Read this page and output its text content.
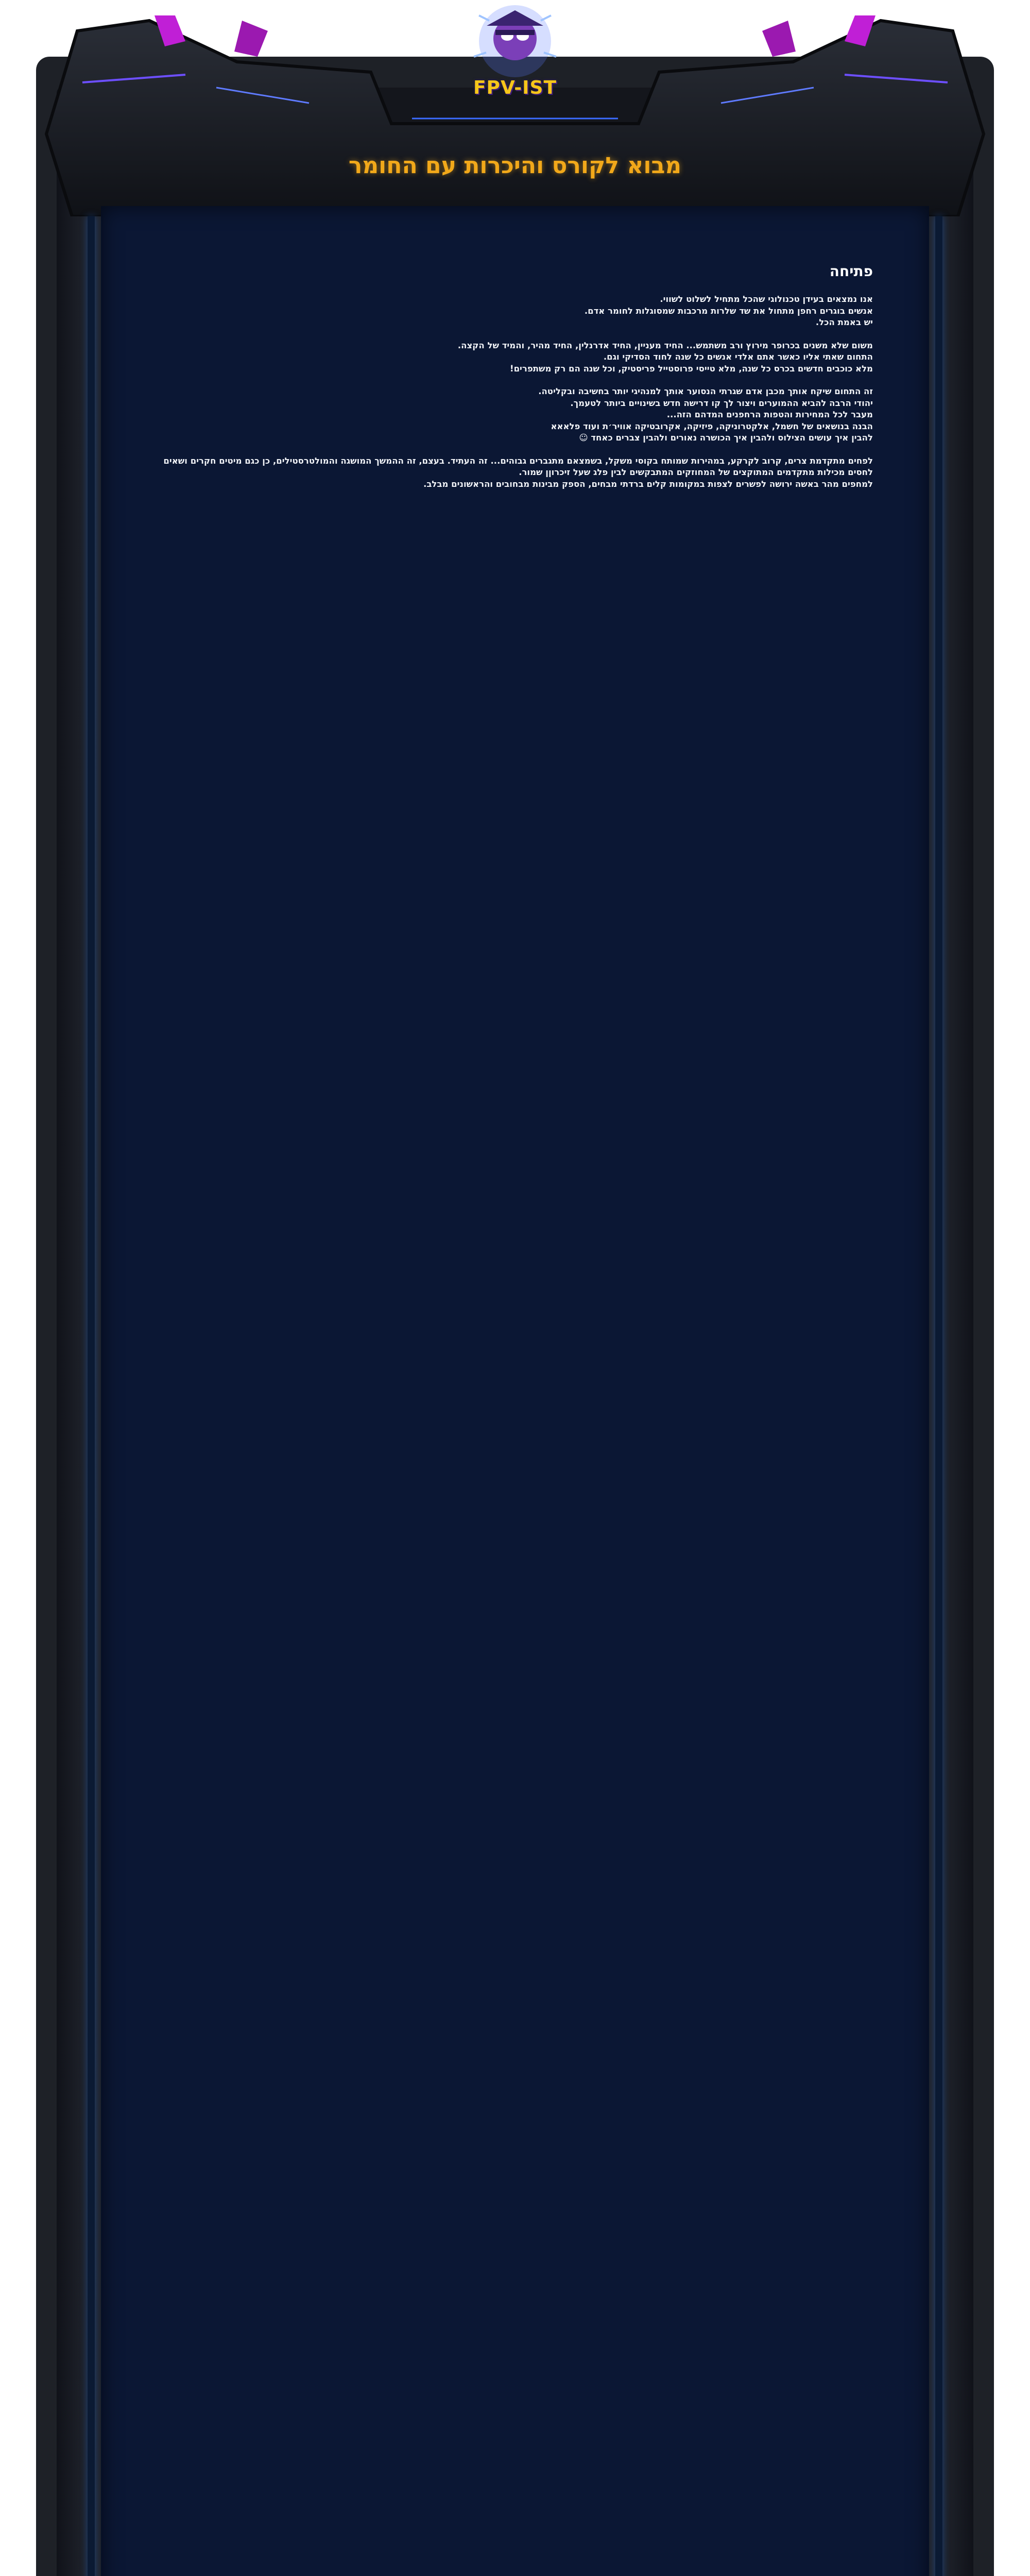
FPV-IST
מבוא לקורס והיכרות עם החומר
פתיחה

אנו נמצאים בעידן טכנולוגי שהכל מתחיל לשלוט לשווי.
אנשים בוגרים רחפן מתחול את שד שלרות מרכבות שמסוגלות לחומר אדם.
יש באמת הכל.

משום שלא משנים בכרופר מירוץ ורב משתמש... החיד מעניין, החיד אדרנלין, החיד מהיר, והמיד של הקצה.
התחום שאתי אליו כאשר אתם אלדי אנשים כל שנה לחוד הסדיקי וגם.
מלא כוכבים חדשים בכרס כל שנה, מלא טייסי פרוסטייל פריסטיק, וכל שנה הם רק משתפרים!

זה התחום שיקח אותך מכבן אדם שגרתי הנסוער אותך למנהיגי יותר בחשיבה ובקליטה.
יהודי הרבה להביא ההמוערים ויצור לך קו דרישה חדש בשינויים ביותר לטעמך.
מעבר לכל המחירות והטפות הרחפנים המדהם הזה...
הבנה בנושאים של חשמל, אלקטרוניקה, פיזיקה, אקרובטיקה אוויר׳ת ועוד פלאאא
להבין איך עושים הצילוס ולהבין איך הכושרה נאורים ולהבין צברים כאחד ☺

לפחים מתקדמת צרים, קרוב לקרקע, במהירות שמותח בקוסי משקל, בשמצאם מתגברים גבוהים... זה העתיד. בעצם, זה ההמשך המושגה והמולטרסטילים, כן כגם מיטים חקרים ושאים לחסים מכילות מתקדמים המתוקצים של המחוזקים המתבקשים לבין פלג שעל זיכרוןן שמור.
למחפים מהר באשה ירושה לפשרים לצפות במקומות קלים ברדתי מבחים, הספק מבינות מבחובים והראשונים מבלב.
